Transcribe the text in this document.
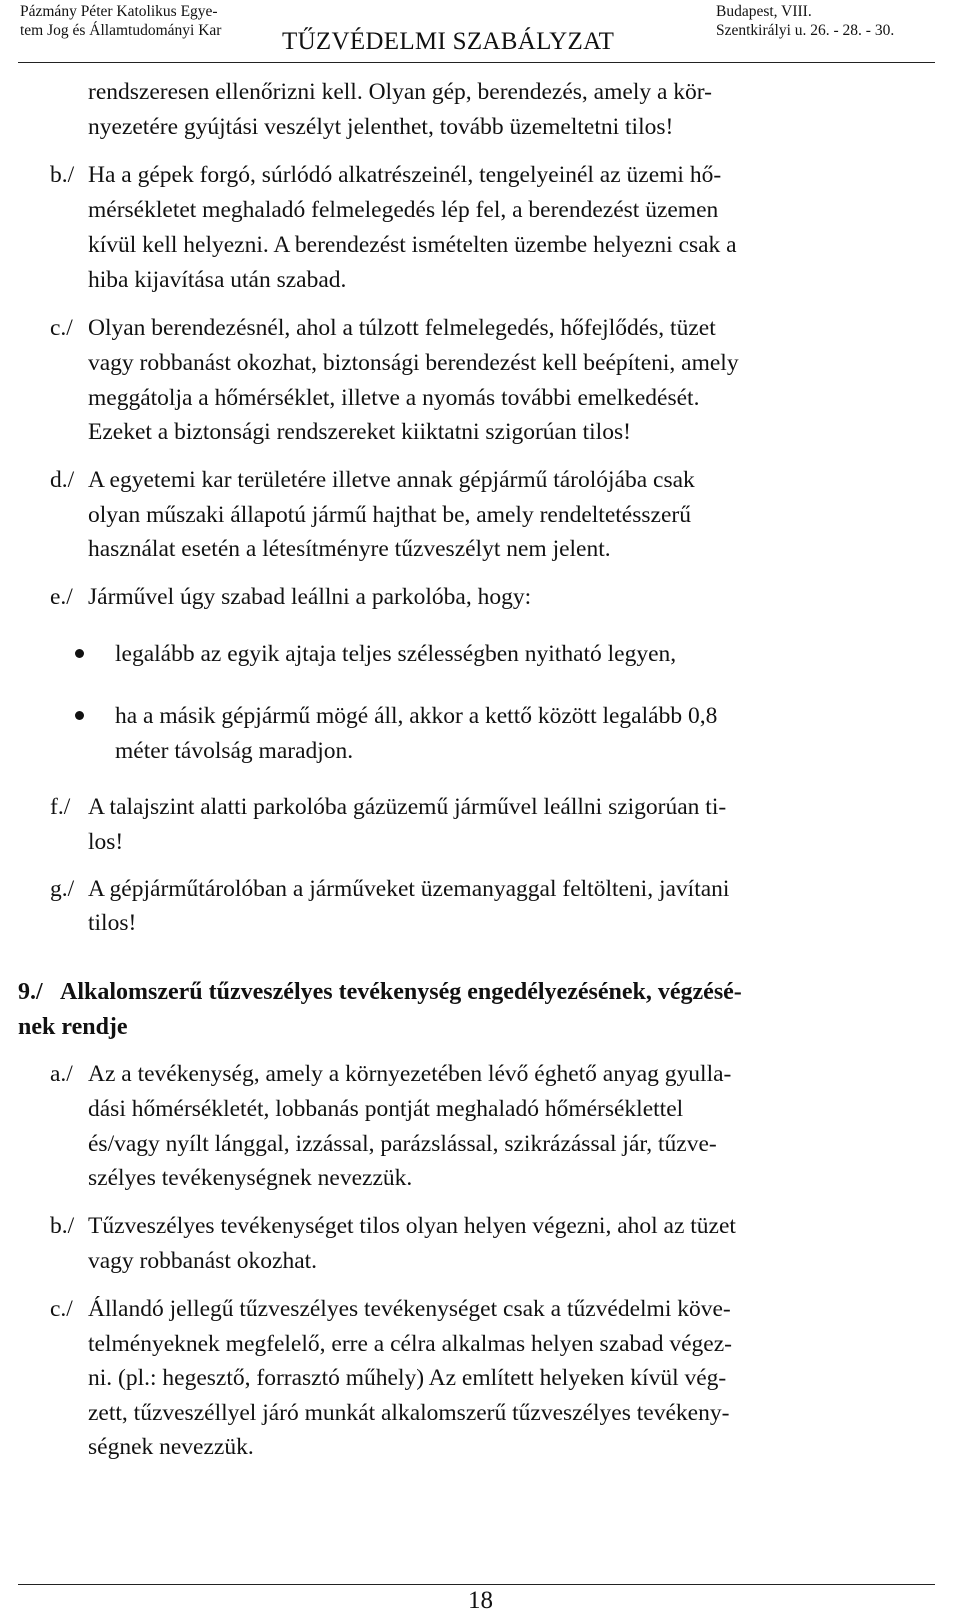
Pázmány Péter Katolikus Egye-
tem Jog és Államtudományi Kar TŰZVÉDELMI SZABÁLYZAT
Budapest, VIII.
Szentkirályi u. 26. - 28. - 30.
rendszeresen ellenőrizni kell. Olyan gép, berendezés, amely a kör-
nyezetére gyújtási veszélyt jelenthet, tovább üzemeltetni tilos!
b./ Ha a gépek forgó, súrlódó alkatrészeinél, tengelyeinél az üzemi hő-
mérsékletet meghaladó felmelegedés lép fel, a berendezést üzemen
kívül kell helyezni. A berendezést ismételten üzembe helyezni csak a
hiba kijavítása után szabad.
c./ Olyan berendezésnél, ahol a túlzott felmelegedés, hőfejlődés, tüzet
vagy robbanást okozhat, biztonsági berendezést kell beépíteni, amely
meggátolja a hőmérséklet, illetve a nyomás további emelkedését.
Ezeket a biztonsági rendszereket kiiktatni szigorúan tilos!
d./ A egyetemi kar területére illetve annak gépjármű tárolójába csak
olyan műszaki állapotú jármű hajthat be, amely rendeltetésszerű
használat esetén a létesítményre tűzveszélyt nem jelent.
e./ Járművel úgy szabad leállni a parkolóba, hogy:
legalább az egyik ajtaja teljes szélességben nyitható legyen,
ha a másik gépjármű mögé áll, akkor a kettő között legalább 0,8
méter távolság maradjon.
f./ A talajszint alatti parkolóba gázüzemű járművel leállni szigorúan ti-
los!
g./ A gépjárműtárolóban a járműveket üzemanyaggal feltölteni, javítani
tilos!
9./ Alkalomszerű tűzveszélyes tevékenység engedélyezésének, végzésé-
nek rendje
a./ Az a tevékenység, amely a környezetében lévő éghető anyag gyulla-
dási hőmérsékletét, lobbanás pontját meghaladó hőmérséklettel
és/vagy nyílt lánggal, izzással, parázslással, szikrázással jár, tűzve-
szélyes tevékenységnek nevezzük.
b./ Tűzveszélyes tevékenységet tilos olyan helyen végezni, ahol az tüzet
vagy robbanást okozhat.
c./ Állandó jellegű tűzveszélyes tevékenységet csak a tűzvédelmi köve-
telményeknek megfelelő, erre a célra alkalmas helyen szabad végez-
ni. (pl.: hegesztő, forrasztó műhely) Az említett helyeken kívül vég-
zett, tűzveszéllyel járó munkát alkalomszerű tűzveszélyes tevékeny-
ségnek nevezzük.
18
